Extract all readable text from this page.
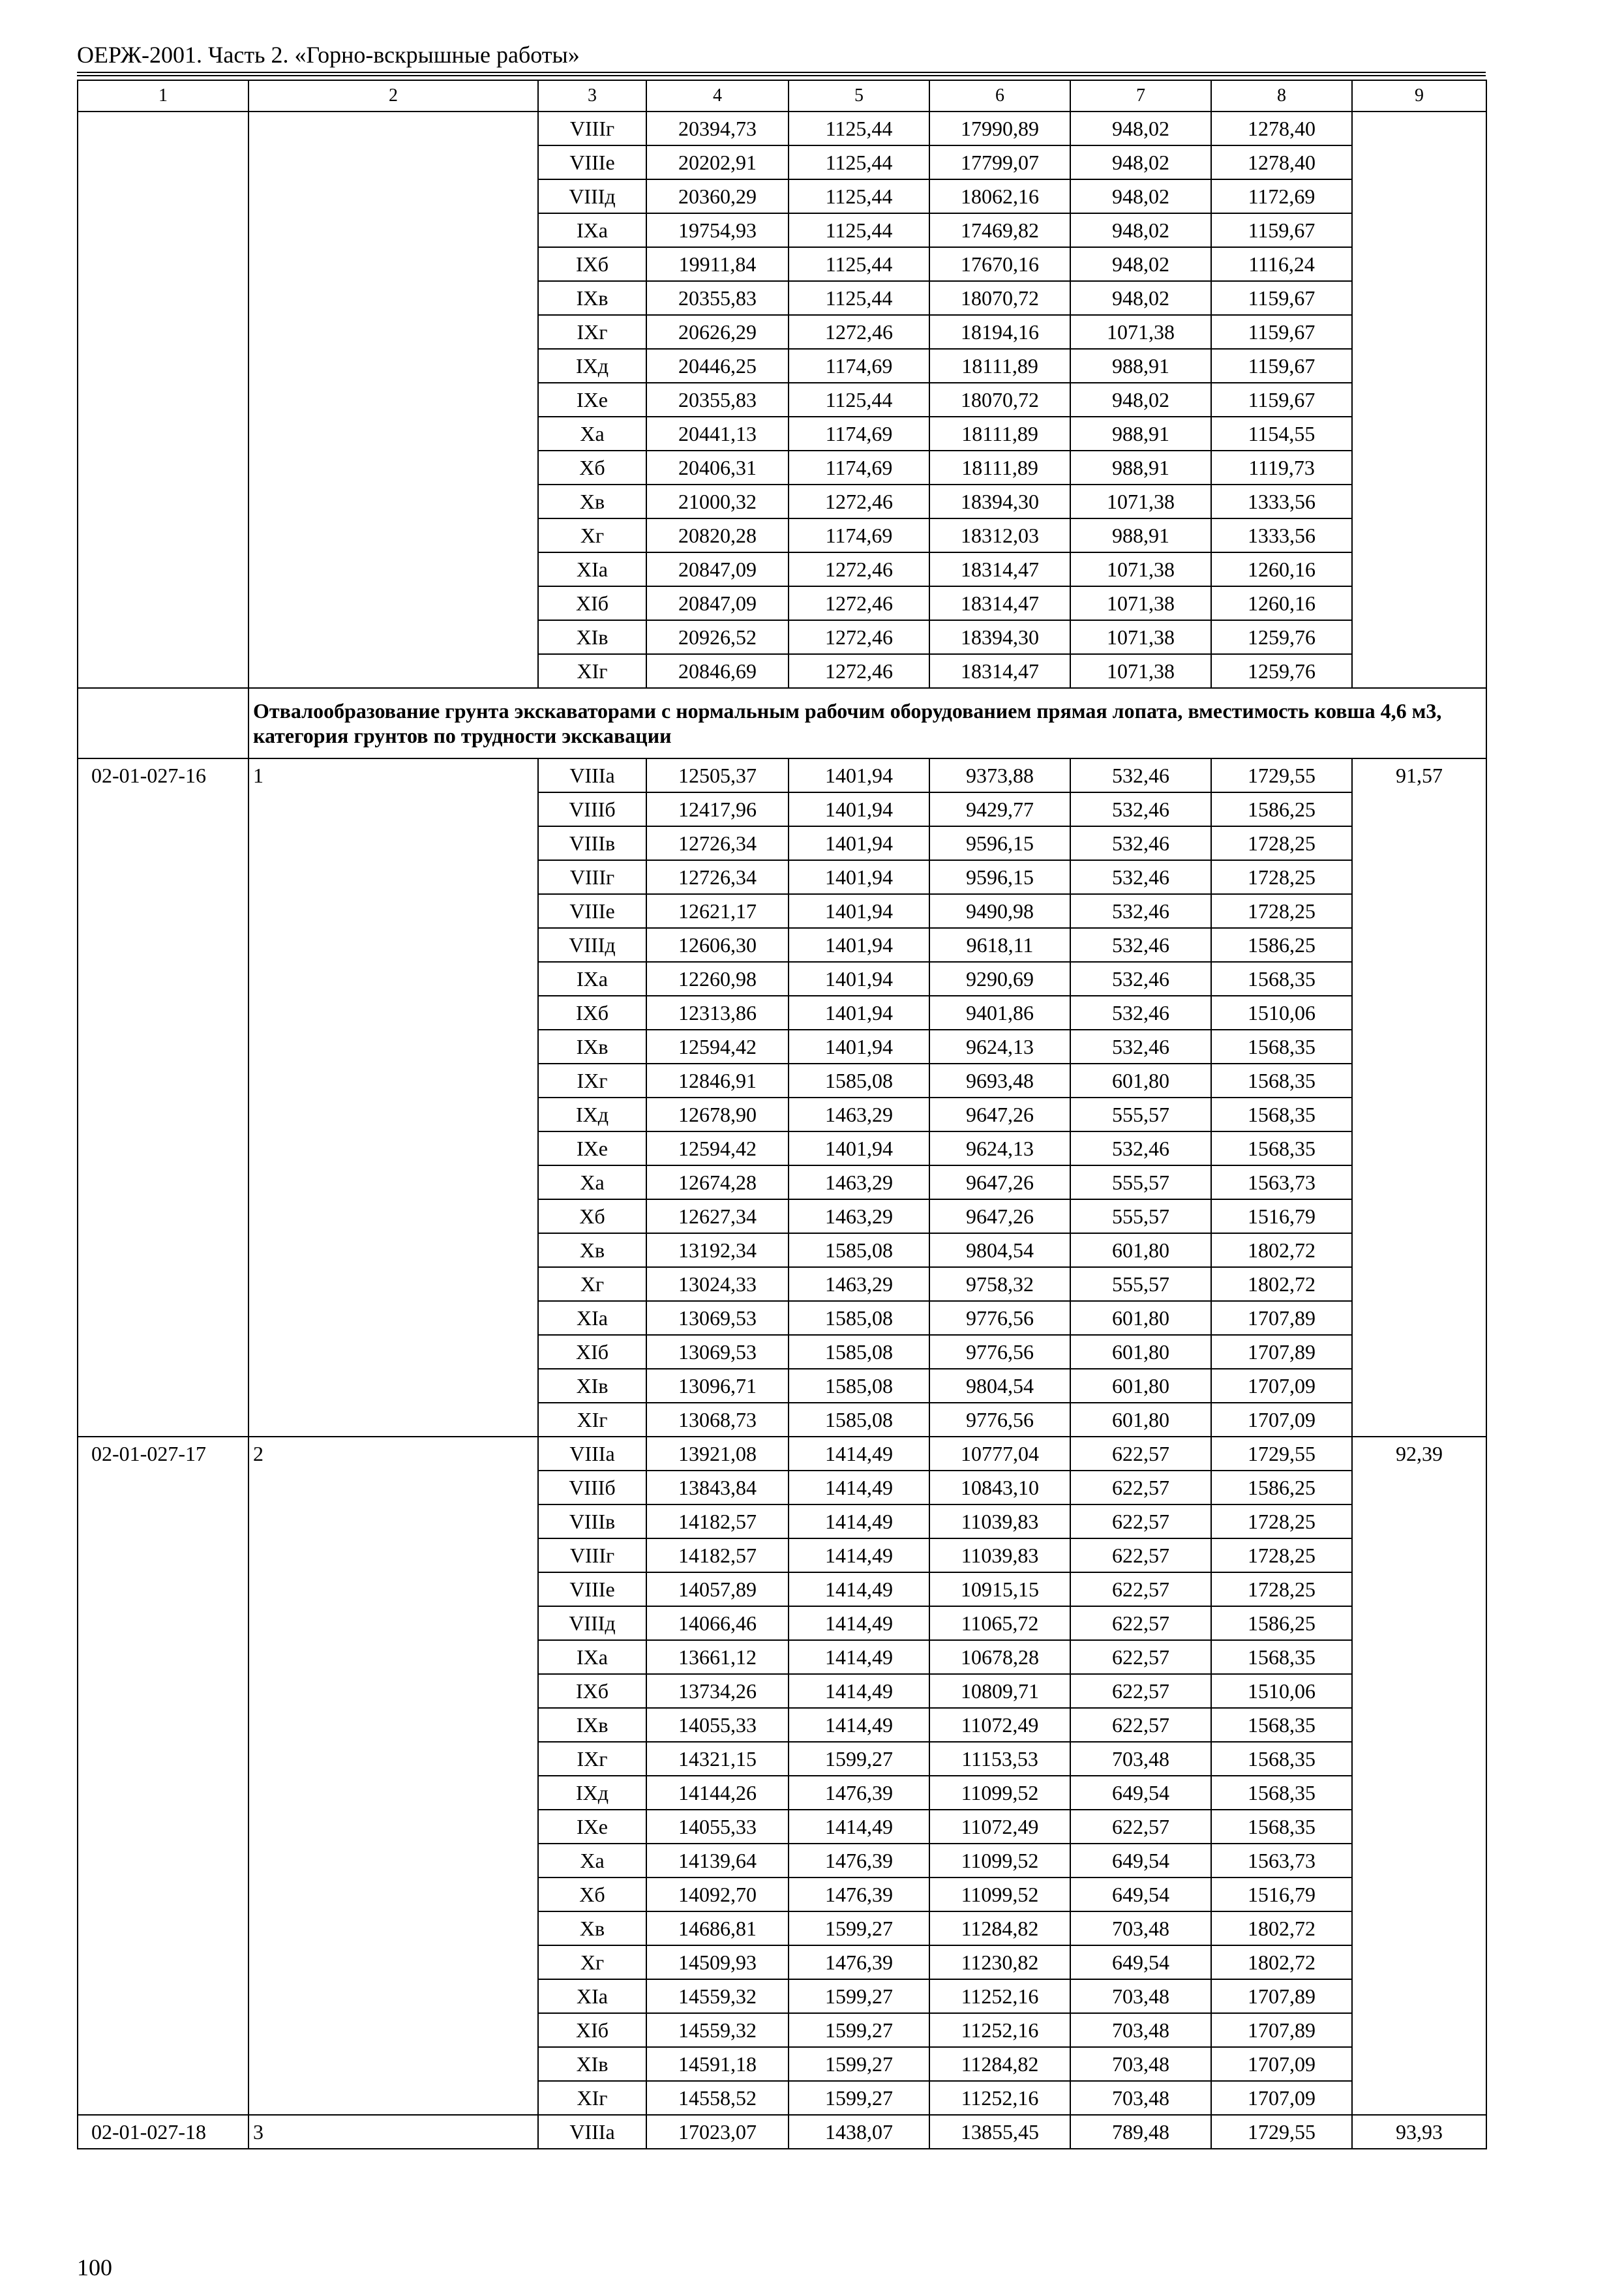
ОЕРЖ-2001. Часть 2. «Горно-вскрышные работы»
1	2	3	4	5	6	7	8	9
		VIIIг	20394,73	1125,44	17990,89	948,02	1278,40	
		VIIIе	20202,91	1125,44	17799,07	948,02	1278,40	
		VIIIд	20360,29	1125,44	18062,16	948,02	1172,69	
		IXа	19754,93	1125,44	17469,82	948,02	1159,67	
		IXб	19911,84	1125,44	17670,16	948,02	1116,24	
		IXв	20355,83	1125,44	18070,72	948,02	1159,67	
		IXг	20626,29	1272,46	18194,16	1071,38	1159,67	
		IXд	20446,25	1174,69	18111,89	988,91	1159,67	
		IXе	20355,83	1125,44	18070,72	948,02	1159,67	
		Xа	20441,13	1174,69	18111,89	988,91	1154,55	
		Xб	20406,31	1174,69	18111,89	988,91	1119,73	
		Xв	21000,32	1272,46	18394,30	1071,38	1333,56	
		Xг	20820,28	1174,69	18312,03	988,91	1333,56	
		XIа	20847,09	1272,46	18314,47	1071,38	1260,16	
		XIб	20847,09	1272,46	18314,47	1071,38	1260,16	
		XIв	20926,52	1272,46	18394,30	1071,38	1259,76	
		XIг	20846,69	1272,46	18314,47	1071,38	1259,76	
	Отвалообразование грунта экскаваторами с нормальным рабочим оборудованием прямая лопата, вместимость ковша 4,6 м3, категория грунтов по трудности экскавации							
02-01-027-16	1	VIIIа	12505,37	1401,94	9373,88	532,46	1729,55	91,57
		VIIIб	12417,96	1401,94	9429,77	532,46	1586,25	
		VIIIв	12726,34	1401,94	9596,15	532,46	1728,25	
		VIIIг	12726,34	1401,94	9596,15	532,46	1728,25	
		VIIIе	12621,17	1401,94	9490,98	532,46	1728,25	
		VIIIд	12606,30	1401,94	9618,11	532,46	1586,25	
		IXа	12260,98	1401,94	9290,69	532,46	1568,35	
		IXб	12313,86	1401,94	9401,86	532,46	1510,06	
		IXв	12594,42	1401,94	9624,13	532,46	1568,35	
		IXг	12846,91	1585,08	9693,48	601,80	1568,35	
		IXд	12678,90	1463,29	9647,26	555,57	1568,35	
		IXе	12594,42	1401,94	9624,13	532,46	1568,35	
		Xа	12674,28	1463,29	9647,26	555,57	1563,73	
		Xб	12627,34	1463,29	9647,26	555,57	1516,79	
		Xв	13192,34	1585,08	9804,54	601,80	1802,72	
		Xг	13024,33	1463,29	9758,32	555,57	1802,72	
		XIа	13069,53	1585,08	9776,56	601,80	1707,89	
		XIб	13069,53	1585,08	9776,56	601,80	1707,89	
		XIв	13096,71	1585,08	9804,54	601,80	1707,09	
		XIг	13068,73	1585,08	9776,56	601,80	1707,09	
02-01-027-17	2	VIIIа	13921,08	1414,49	10777,04	622,57	1729,55	92,39
		VIIIб	13843,84	1414,49	10843,10	622,57	1586,25	
		VIIIв	14182,57	1414,49	11039,83	622,57	1728,25	
		VIIIг	14182,57	1414,49	11039,83	622,57	1728,25	
		VIIIе	14057,89	1414,49	10915,15	622,57	1728,25	
		VIIIд	14066,46	1414,49	11065,72	622,57	1586,25	
		IXа	13661,12	1414,49	10678,28	622,57	1568,35	
		IXб	13734,26	1414,49	10809,71	622,57	1510,06	
		IXв	14055,33	1414,49	11072,49	622,57	1568,35	
		IXг	14321,15	1599,27	11153,53	703,48	1568,35	
		IXд	14144,26	1476,39	11099,52	649,54	1568,35	
		IXе	14055,33	1414,49	11072,49	622,57	1568,35	
		Xа	14139,64	1476,39	11099,52	649,54	1563,73	
		Xб	14092,70	1476,39	11099,52	649,54	1516,79	
		Xв	14686,81	1599,27	11284,82	703,48	1802,72	
		Xг	14509,93	1476,39	11230,82	649,54	1802,72	
		XIа	14559,32	1599,27	11252,16	703,48	1707,89	
		XIб	14559,32	1599,27	11252,16	703,48	1707,89	
		XIв	14591,18	1599,27	11284,82	703,48	1707,09	
		XIг	14558,52	1599,27	11252,16	703,48	1707,09	
02-01-027-18	3	VIIIа	17023,07	1438,07	13855,45	789,48	1729,55	93,93
100
